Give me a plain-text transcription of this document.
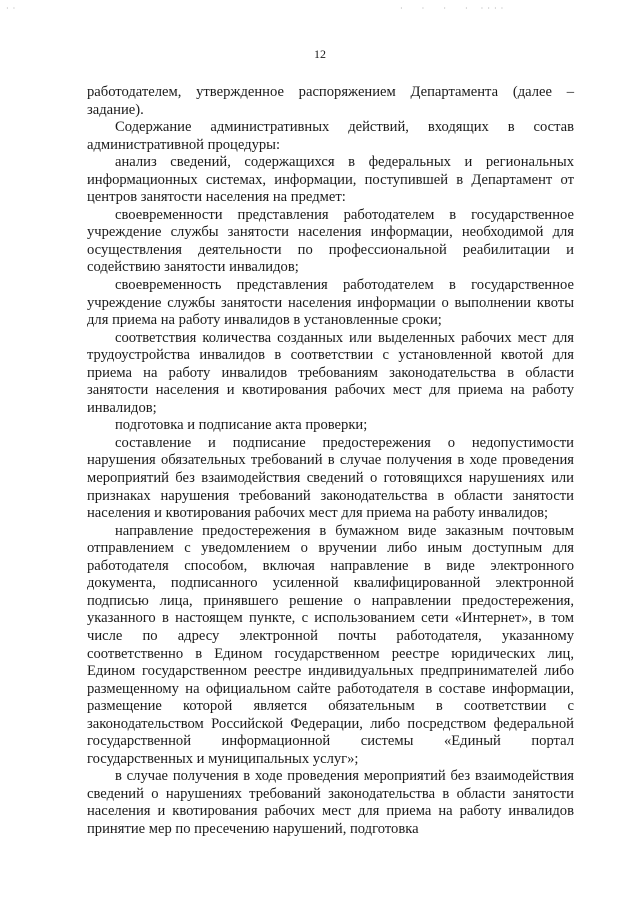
· ·	·      ·      ·      ·    · · · ·
12

работодателем, утвержденное распоряжением Департамента (далее – задание).

Содержание административных действий, входящих в состав административной процедуры:

анализ сведений, содержащихся в федеральных и региональных информационных системах, информации, поступившей в Департамент от центров занятости населения на предмет:

своевременности представления работодателем в государственное учреждение службы занятости населения информации, необходимой для осуществления деятельности по профессиональной реабилитации и содействию занятости инвалидов;

своевременность представления работодателем в государственное учреждение службы занятости населения информации о выполнении квоты для приема на работу инвалидов в установленные сроки;

соответствия количества созданных или выделенных рабочих мест для трудоустройства инвалидов в соответствии с установленной квотой для приема на работу инвалидов требованиям законодательства в области занятости населения и квотирования рабочих мест для приема на работу инвалидов;

подготовка и подписание акта проверки;

составление и подписание предостережения о недопустимости нарушения обязательных требований в случае получения в ходе проведения мероприятий без взаимодействия сведений о готовящихся нарушениях или признаках нарушения требований законодательства в области занятости населения и квотирования рабочих мест для приема на работу инвалидов;

направление предостережения в бумажном виде заказным почтовым отправлением с уведомлением о вручении либо иным доступным для работодателя способом, включая направление в виде электронного документа, подписанного усиленной квалифицированной электронной подписью лица, принявшего решение о направлении предостережения, указанного в настоящем пункте, с использованием сети «Интернет», в том числе по адресу электронной почты работодателя, указанному соответственно в Едином государственном реестре юридических лиц, Едином государственном реестре индивидуальных предпринимателей либо размещенному на официальном сайте работодателя в составе информации, размещение которой является обязательным в соответствии с законодательством Российской Федерации, либо посредством федеральной государственной информационной системы «Единый портал государственных и муниципальных услуг»;

в случае получения в ходе проведения мероприятий без взаимодействия сведений о нарушениях требований законодательства в области занятости населения и квотирования рабочих мест для приема на работу инвалидов принятие мер по пресечению нарушений, подготовка
